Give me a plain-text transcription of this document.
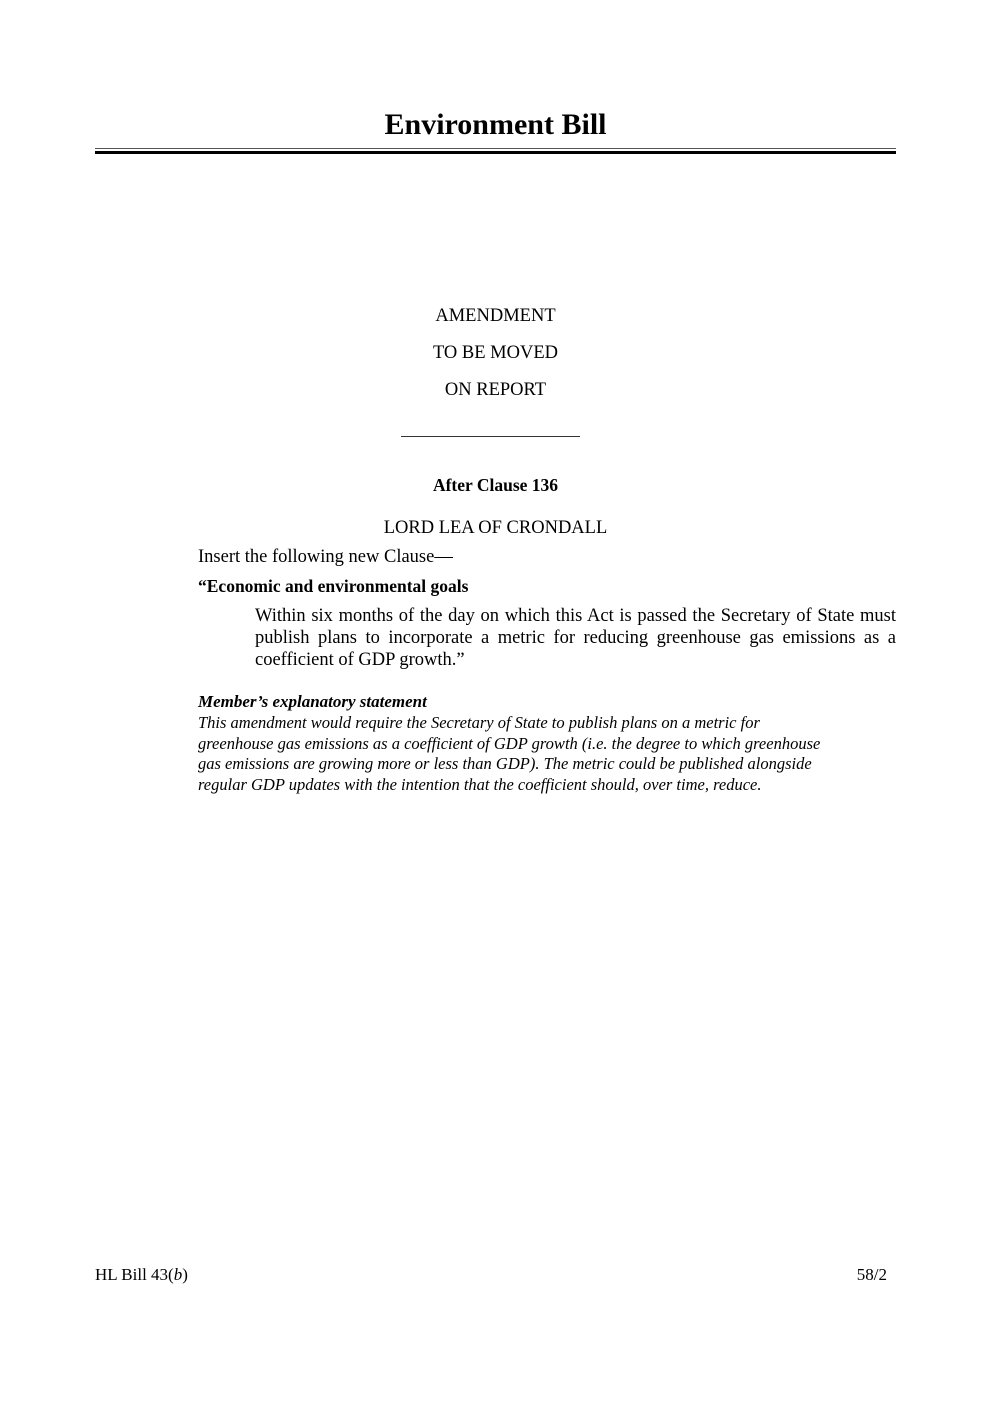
Environment Bill
AMENDMENT
TO BE MOVED
ON REPORT
After Clause 136
LORD LEA OF CRONDALL
Insert the following new Clause—
“Economic and environmental goals
Within six months of the day on which this Act is passed the Secretary of State must publish plans to incorporate a metric for reducing greenhouse gas emissions as a coefficient of GDP growth.”
Member’s explanatory statement
This amendment would require the Secretary of State to publish plans on a metric for
greenhouse gas emissions as a coefficient of GDP growth (i.e. the degree to which greenhouse
gas emissions are growing more or less than GDP). The metric could be published alongside
regular GDP updates with the intention that the coefficient should, over time, reduce.
HL Bill 43(b)	58/2
